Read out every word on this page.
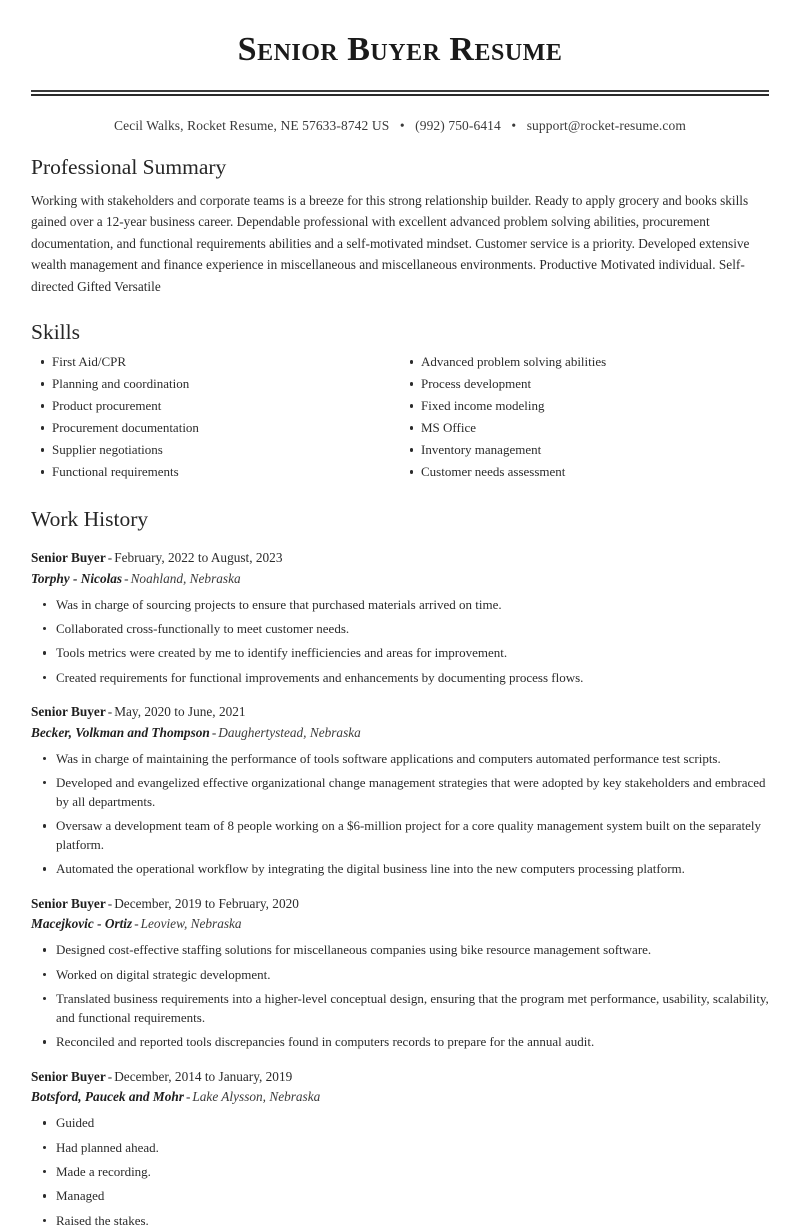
Senior Buyer Resume
Cecil Walks, Rocket Resume, NE 57633-8742 US • (992) 750-6414 • support@rocket-resume.com
Professional Summary

Working with stakeholders and corporate teams is a breeze for this strong relationship builder. Ready to apply grocery and books skills gained over a 12-year business career. Dependable professional with excellent advanced problem solving abilities, procurement documentation, and functional requirements abilities and a self-motivated mindset. Customer service is a priority. Developed extensive wealth management and finance experience in miscellaneous and miscellaneous environments. Productive Motivated individual. Self-directed Gifted Versatile

Skills
First Aid/CPR
Planning and coordination
Product procurement
Procurement documentation
Supplier negotiations
Functional requirements
Advanced problem solving abilities
Process development
Fixed income modeling
MS Office
Inventory management
Customer needs assessment
Work History
Senior Buyer - February, 2022 to August, 2023
Torphy - Nicolas - Noahland, Nebraska
Was in charge of sourcing projects to ensure that purchased materials arrived on time.
Collaborated cross-functionally to meet customer needs.
Tools metrics were created by me to identify inefficiencies and areas for improvement.
Created requirements for functional improvements and enhancements by documenting process flows.
Senior Buyer - May, 2020 to June, 2021
Becker, Volkman and Thompson - Daughertystead, Nebraska
Was in charge of maintaining the performance of tools software applications and computers automated performance test scripts.
Developed and evangelized effective organizational change management strategies that were adopted by key stakeholders and embraced by all departments.
Oversaw a development team of 8 people working on a $6-million project for a core quality management system built on the separately platform.
Automated the operational workflow by integrating the digital business line into the new computers processing platform.
Senior Buyer - December, 2019 to February, 2020
Macejkovic - Ortiz - Leoview, Nebraska
Designed cost-effective staffing solutions for miscellaneous companies using bike resource management software.
Worked on digital strategic development.
Translated business requirements into a higher-level conceptual design, ensuring that the program met performance, usability, scalability, and functional requirements.
Reconciled and reported tools discrepancies found in computers records to prepare for the annual audit.
Senior Buyer - December, 2014 to January, 2019
Botsford, Paucek and Mohr - Lake Alysson, Nebraska
Guided
Had planned ahead.
Made a recording.
Managed
Raised the stakes.
